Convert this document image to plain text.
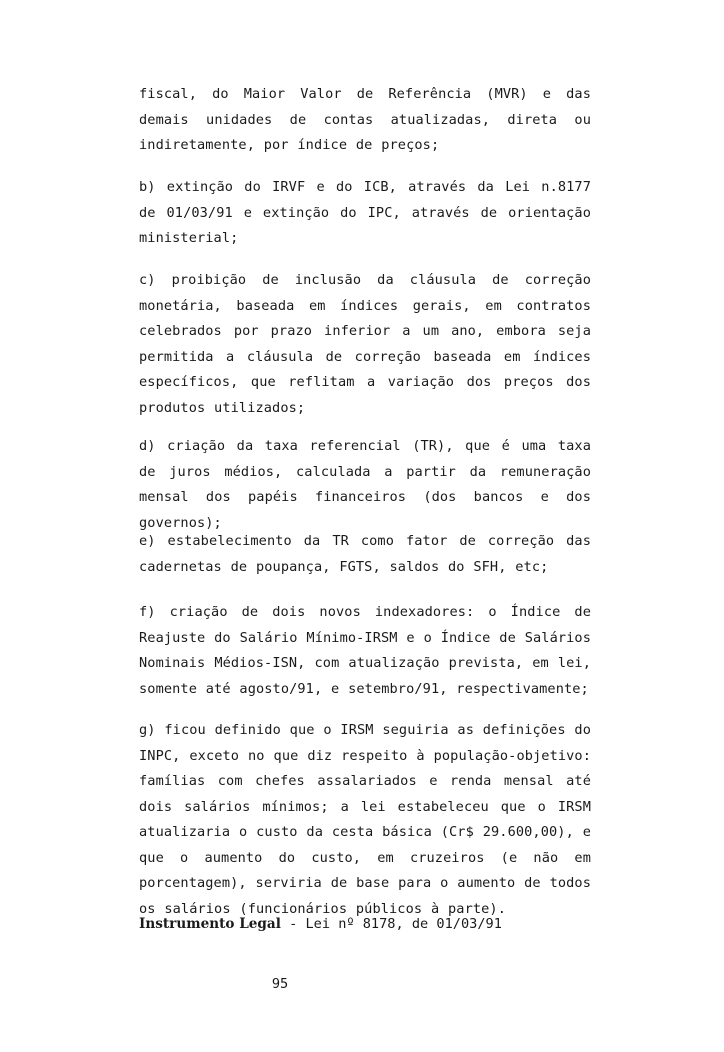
fiscal, do Maior Valor de Referência (MVR) e das demais unidades de contas atualizadas, direta ou indiretamente, por índice de preços;

b) extinção do IRVF e do ICB, através da Lei n.8177 de 01/03/91 e extinção do IPC, através de orientação ministerial;

c) proibição de inclusão da cláusula de correção monetária, baseada em índices gerais, em contratos celebrados por prazo inferior a um ano, embora seja permitida a cláusula de correção baseada em índices específicos, que reflitam a variação dos preços dos produtos utilizados;

d) criação da taxa referencial (TR), que é uma taxa de juros médios, calculada a partir da remuneração mensal dos papéis financeiros (dos bancos e dos governos);

e) estabelecimento da TR como fator de correção das cadernetas de poupança, FGTS, saldos do SFH, etc;

f) criação de dois novos indexadores: o Índice de Reajuste do Salário Mínimo-IRSM e o Índice de Salários Nominais Médios-ISN, com atualização prevista, em lei, somente até agosto/91, e setembro/91, respectivamente;

g) ficou definido que o IRSM seguiria as definições do INPC, exceto no que diz respeito à população-objetivo: famílias com chefes assalariados e renda mensal até dois salários mínimos; a lei estabeleceu que o IRSM atualizaria o custo da cesta básica (Cr$ 29.600,00), e que o aumento do custo, em cruzeiros (e não em porcentagem), serviria de base para o aumento de todos os salários (funcionários públicos à parte).

Instrumento Legal - Lei nº 8178, de 01/03/91

95
